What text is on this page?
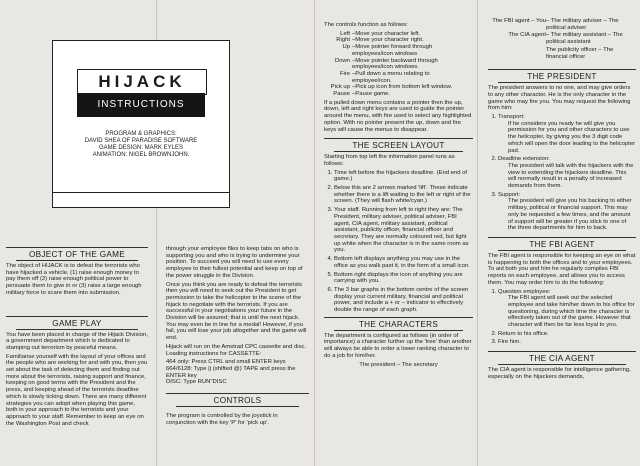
HIJACK
INSTRUCTIONS
PROGRAM & GRAPHICS:
DAVID SHEA OF PARADISE SOFTWARE
GAME DESIGN: MARK EYLES
ANIMATION: NIGEL BROWNJOHN.
OBJECT OF THE GAME

The object of HIJACK is to defeat the terrorists who have hijacked a vehicle, (1) raise enough money to pay them off (2) raise enough political power to persuade them to give in or (3) raise a large enough military force to scare them into submission.

GAME PLAY

You have been placed in charge of the Hijack Division, a government department which is dedicated to stamping out terrorism by peaceful means.

Familiarise yourself with the layout of your offices and the people who are working for and with you, then you set about the task of detecting them and finding out more about the terrorists, raising support and finance, keeping on good terms with the President and the press, and keeping ahead of the terrorists deadline which is slowly ticking down. There are many different strategies you can adopt when playing this game, both in your approach to the terrorists and your approach to your staff. Remember to keep an eye on the Washington Post and check

through your employee files to keep tabs on who is supporting you and who is trying to undermine your position. To succeed you will need to use every employee to their fullest potential and keep on top of the power struggle in the Division.

Once you think you are ready to defeat the terrorists then you will need to seek out the President to get permission to take the helicopter to the scene of the hijack to negotiate with the terrorists. If you are successful in your negotiations your future in the Division will be assured; that is until the next hijack. You may even be in line for a medal! However, if you fail, you will lose your job altogether and the game will end.

Hijack will run on the Amstrad CPC cassette and disc. Loading instructions for CASSETTE:

464 only: Press CTRL and small ENTER keys

664/6128: Type || (shifted @) TAPE and press the ENTER key

DISC: Type RUN"DISC

CONTROLS

The program is controlled by the joystick in conjunction with the key 'P' for 'pick up'.

The controls function as follows:

Left –Move your character left.
Right –Move your character right.
Up –Move pointer forward through employees/icon windows
Down –Move pointer backward through employees/icon windows.
Fire –Pull down a menu relating to employee/icon.
Pick up –Pick up icon from bottom left window.
Pause –Pause game.

If a pulled down menu contains a pointer then the up, down, left and right keys are used to guide the pointer around the menu, with fire used to select any highlighted option. With no pointer present the up, down and fire keys will cause the menus to disappear.

THE SCREEN LAYOUT

Starting from top left the information panel runs as follows:

1. Time left before the hijackers deadline. (End end of game.)
2. Below this are 2 arrows marked 'lift'. These indicate whether there is a lift waiting to the left or right of the screen. (They will flash white/cyan.)
3. Your staff. Running from left to right they are: The President, military adviser, political adviser, FBI agent, CIA agent, military assistant, political assistant, publicity officer, financial officer and secretary. They are normally coloured red, but light up white when the character is in the same room as you.
4. Bottom left displays anything you may use in the office as you walk past it, in the form of a small icon.
5. Bottom right displays the icon of anything you are carrying with you.
6. The 3 bar graphs in the bottom centre of the screen display your current military, financial and political power, and include a + or – indicator to effectively double the range of each graph.
THE CHARACTERS

The department is configured as follows (in order of importance) a character further up the 'tree' than another will always be able to order a lower ranking character to do a job for him/her.

The president – The secretary

The FBI agent – You– The military adviser – The political adviser
The CIA agent– The military assistant – The political assistant
The publicity officer – The financial officer
THE PRESIDENT

The president answers to no one, and may give orders to any other character. He is the only character in the game who may fire you. You may request the following from him:

1. Transport:
If he considers you ready he will give you permission for you and other characters to use the helicopter, by giving you the 3 digit code which will open the door leading to the helicopter pad.
2. Deadline extension:
The president will talk with the hijackers with the view to extending the hijackers deadline. This will normally result in a penalty of increased demands from them.
3. Support:
The president will give you his backing to either military, political or financial support. This may only be requested a few times, and the amount of support will be greater if you stick to one of the three departments for him to back.
THE FBI AGENT

The FBI agent is responsible for keeping an eye on what is happening to both the offices and to your employees. To aid both you and him he regularly compiles FBI reports on each employee, and allows you to access them. You may order him to do the following:

1. Question employee:
The FBI agent will seek out the selected employee and take him/her down to his office for questioning, during which time the character is effectively taken out of the game. However that character will then be far less loyal to you.
2. Return to his office.
3. Fire him.
THE CIA AGENT

The CIA agent is responsible for intelligence gathering, especially on the hijackers demands,
